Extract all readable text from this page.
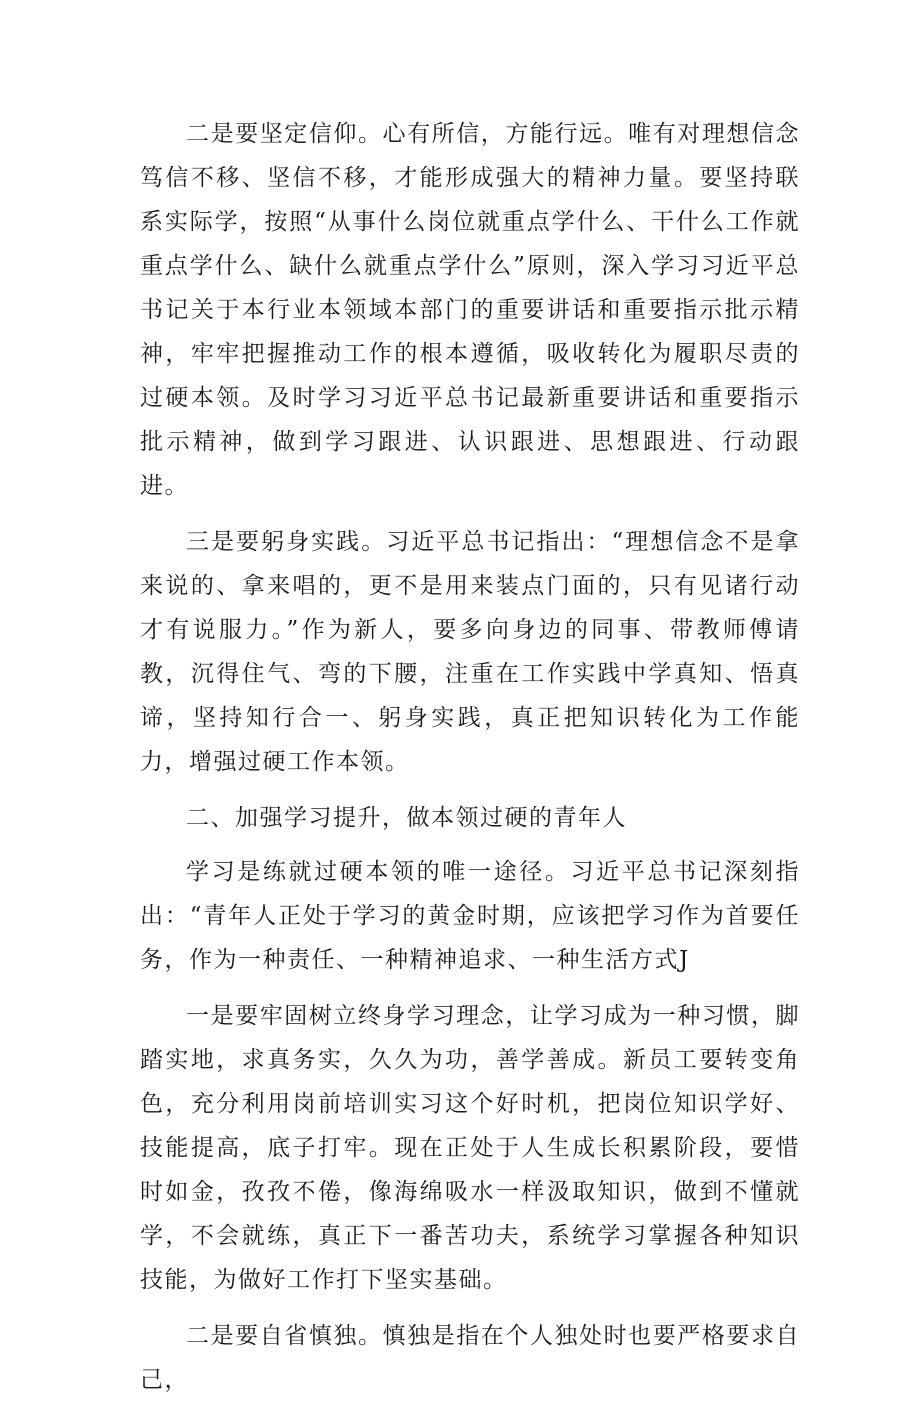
二是要坚定信仰。心有所信，方能行远。唯有对理想信念笃信不移、坚信不移，才能形成强大的精神力量。要坚持联系实际学，按照“从事什么岗位就重点学什么、干什么工作就重点学什么、缺什么就重点学什么”原则，深入学习习近平总书记关于本行业本领域本部门的重要讲话和重要指示批示精神，牢牢把握推动工作的根本遵循，吸收转化为履职尽责的过硬本领。及时学习习近平总书记最新重要讲话和重要指示批示精神，做到学习跟进、认识跟进、思想跟进、行动跟进。

三是要躬身实践。习近平总书记指出：“理想信念不是拿来说的、拿来唱的，更不是用来装点门面的，只有见诸行动才有说服力。”作为新人，要多向身边的同事、带教师傅请教，沉得住气、弯的下腰，注重在工作实践中学真知、悟真谛，坚持知行合一、躬身实践，真正把知识转化为工作能力，增强过硬工作本领。

二、加强学习提升，做本领过硬的青年人

学习是练就过硬本领的唯一途径。习近平总书记深刻指出：“青年人正处于学习的黄金时期，应该把学习作为首要任务，作为一种责任、一种精神追求、一种生活方式J

一是要牢固树立终身学习理念，让学习成为一种习惯，脚踏实地，求真务实，久久为功，善学善成。新员工要转变角色，充分利用岗前培训实习这个好时机，把岗位知识学好、技能提高，底子打牢。现在正处于人生成长积累阶段，要惜时如金，孜孜不倦，像海绵吸水一样汲取知识，做到不懂就学，不会就练，真正下一番苦功夫，系统学习掌握各种知识技能，为做好工作打下坚实基础。

二是要自省慎独。慎独是指在个人独处时也要严格要求自己，
